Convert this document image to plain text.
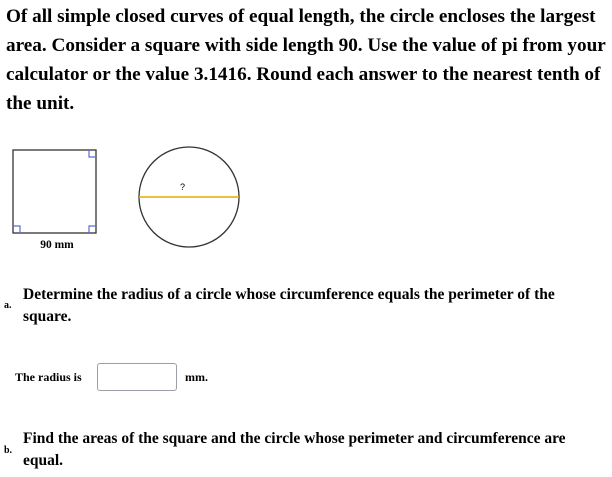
Of all simple closed curves of equal length, the circle encloses the largest area. Consider a square with side length 90. Use the value of pi from your calculator or the value 3.1416. Round each answer to the nearest tenth of the unit.

90 mm
?
a.

Determine the radius of a circle whose circumference equals the perimeter of the square.

The radius is	mm.
b.

Find the areas of the square and the circle whose perimeter and circumference are equal.
